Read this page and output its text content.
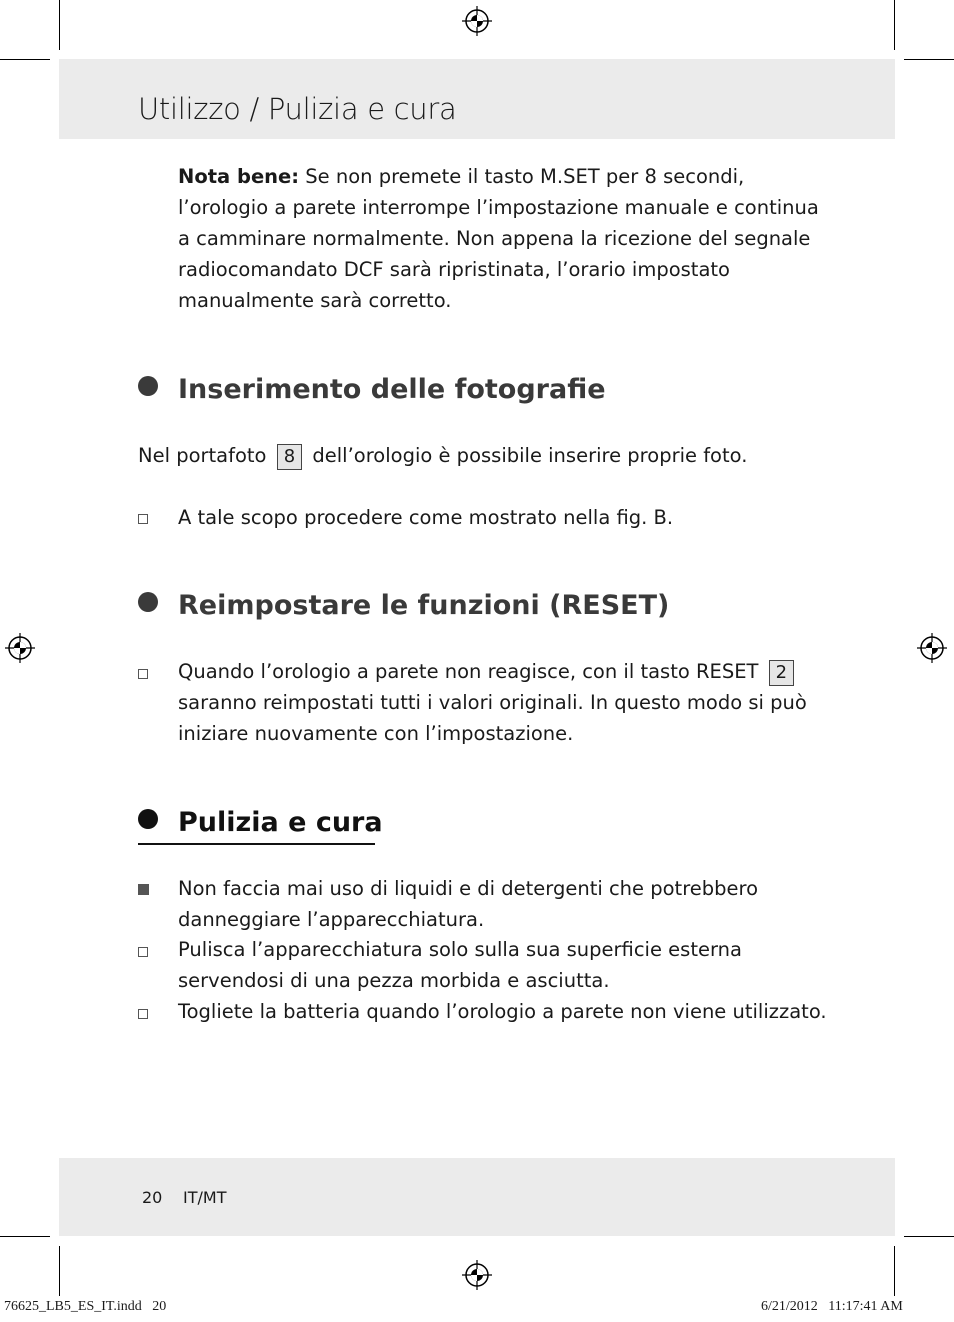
Utilizzo / Pulizia e cura
Nota bene: Se non premete il tasto M.SET per 8 secondi, l’orologio a parete interrompe l’impostazione manuale e continua a camminare normalmente. Non appena la ricezione del segnale radiocomandato DCF sarà ripristinata, l’orario impostato manualmente sarà corretto.
Inserimento delle fotografie
Nel portafoto 8 dell’orologio è possibile inserire proprie foto.
A tale scopo procedere come mostrato nella fig. B.
Reimpostare le funzioni (RESET)
Quando l’orologio a parete non reagisce, con il tasto RESET 2 saranno reimpostati tutti i valori originali. In questo modo si può iniziare nuovamente con l’impostazione.
Pulizia e cura
Non faccia mai uso di liquidi e di detergenti che potrebbero danneggiare l’apparecchiatura.
Pulisca l’apparecchiatura solo sulla sua superficie esterna servendosi di una pezza morbida e asciutta.
Togliete la batteria quando l’orologio a parete non viene utilizzato.
20 IT/MT
76625_LB5_ES_IT.indd   20	6/21/2012   11:17:41 AM
